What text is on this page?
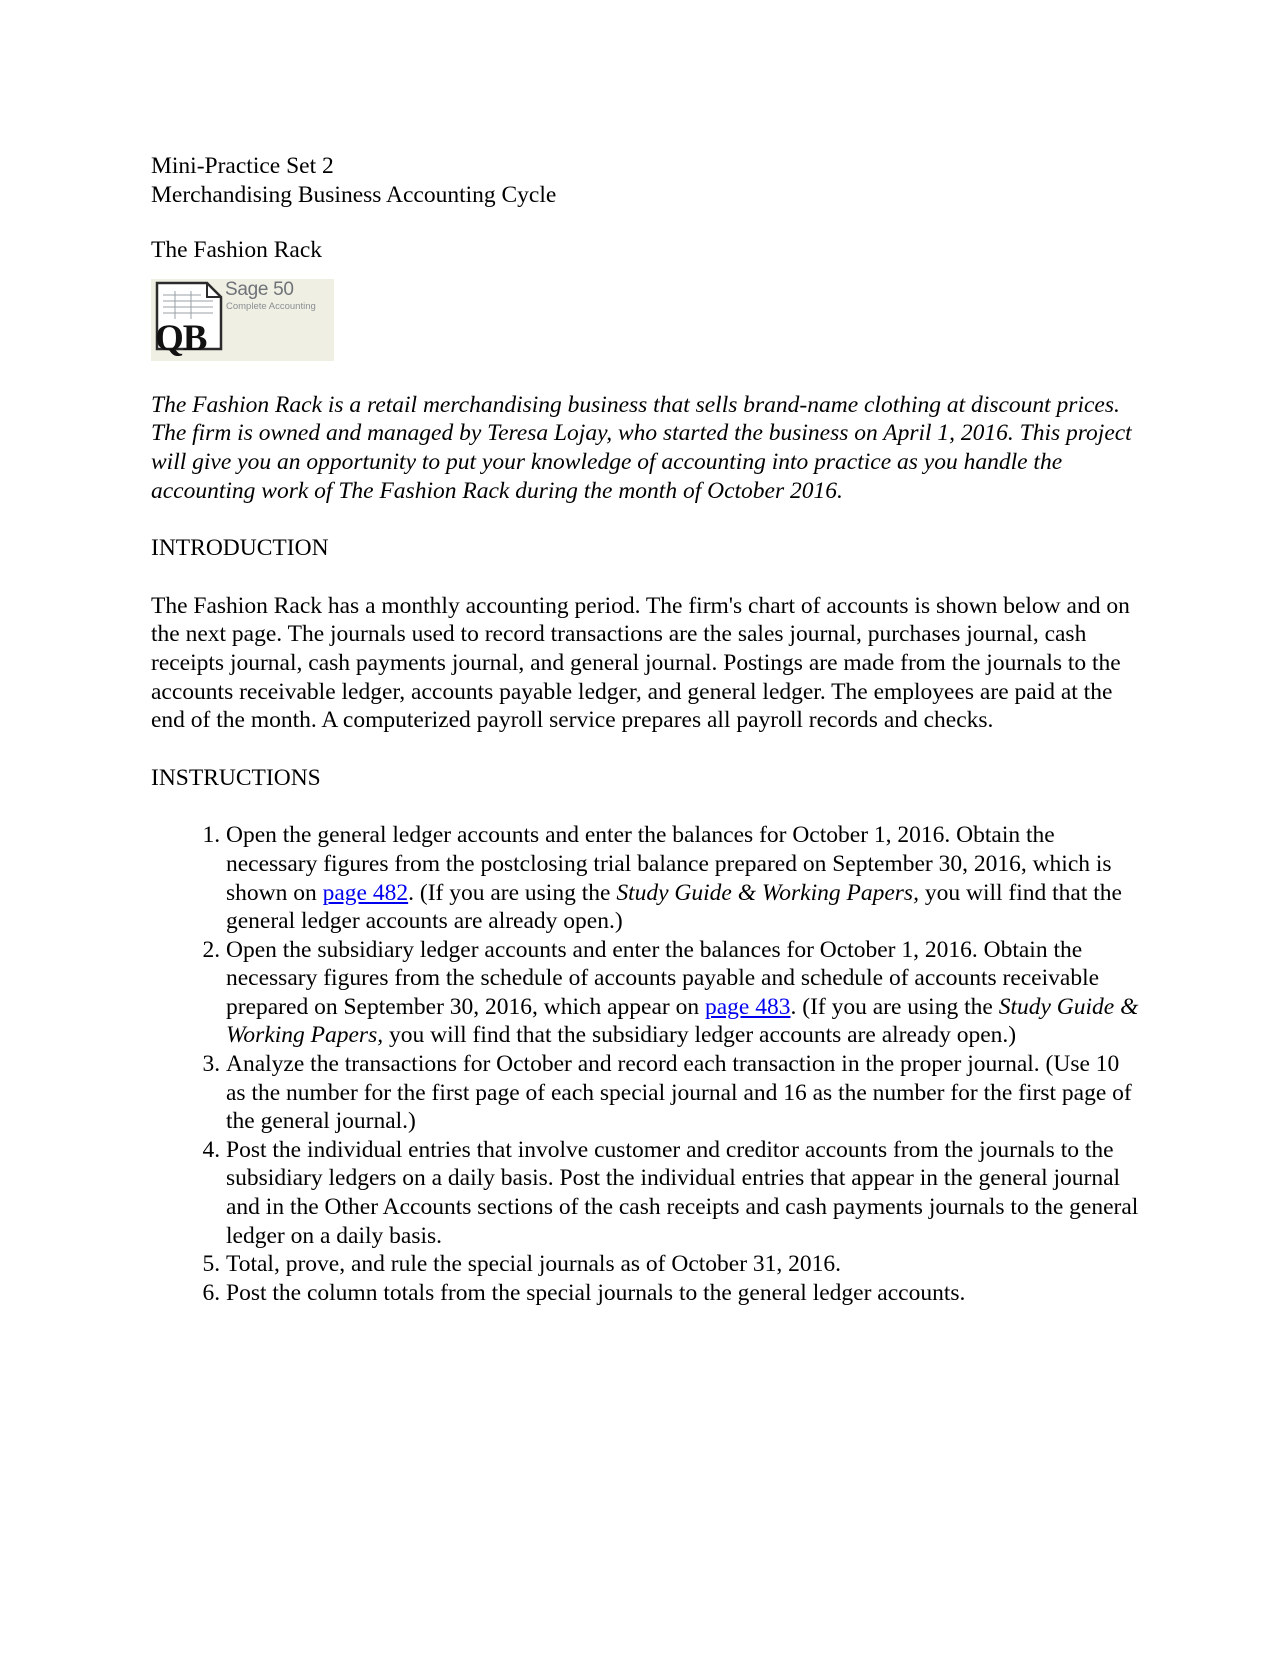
Mini-Practice Set 2

Merchandising Business Accounting Cycle

The Fashion Rack

Sage 50
Complete Accounting
QB

The Fashion Rack is a retail merchandising business that sells brand-name clothing at discount prices. The firm is owned and managed by Teresa Lojay, who started the business on April 1, 2016. This project will give you an opportunity to put your knowledge of accounting into practice as you handle the accounting work of The Fashion Rack during the month of October 2016.

INTRODUCTION

The Fashion Rack has a monthly accounting period. The firm's chart of accounts is shown below and on the next page. The journals used to record transactions are the sales journal, purchases journal, cash receipts journal, cash payments journal, and general journal. Postings are made from the journals to the accounts receivable ledger, accounts payable ledger, and general ledger. The employees are paid at the end of the month. A computerized payroll service prepares all payroll records and checks.

INSTRUCTIONS

1. Open the general ledger accounts and enter the balances for October 1, 2016. Obtain the necessary figures from the postclosing trial balance prepared on September 30, 2016, which is shown on page 482. (If you are using the Study Guide & Working Papers, you will find that the general ledger accounts are already open.)
2. Open the subsidiary ledger accounts and enter the balances for October 1, 2016. Obtain the necessary figures from the schedule of accounts payable and schedule of accounts receivable prepared on September 30, 2016, which appear on page 483. (If you are using the Study Guide & Working Papers, you will find that the subsidiary ledger accounts are already open.)
3. Analyze the transactions for October and record each transaction in the proper journal. (Use 10 as the number for the first page of each special journal and 16 as the number for the first page of the general journal.)
4. Post the individual entries that involve customer and creditor accounts from the journals to the subsidiary ledgers on a daily basis. Post the individual entries that appear in the general journal and in the Other Accounts sections of the cash receipts and cash payments journals to the general ledger on a daily basis.
5. Total, prove, and rule the special journals as of October 31, 2016.
6. Post the column totals from the special journals to the general ledger accounts.
